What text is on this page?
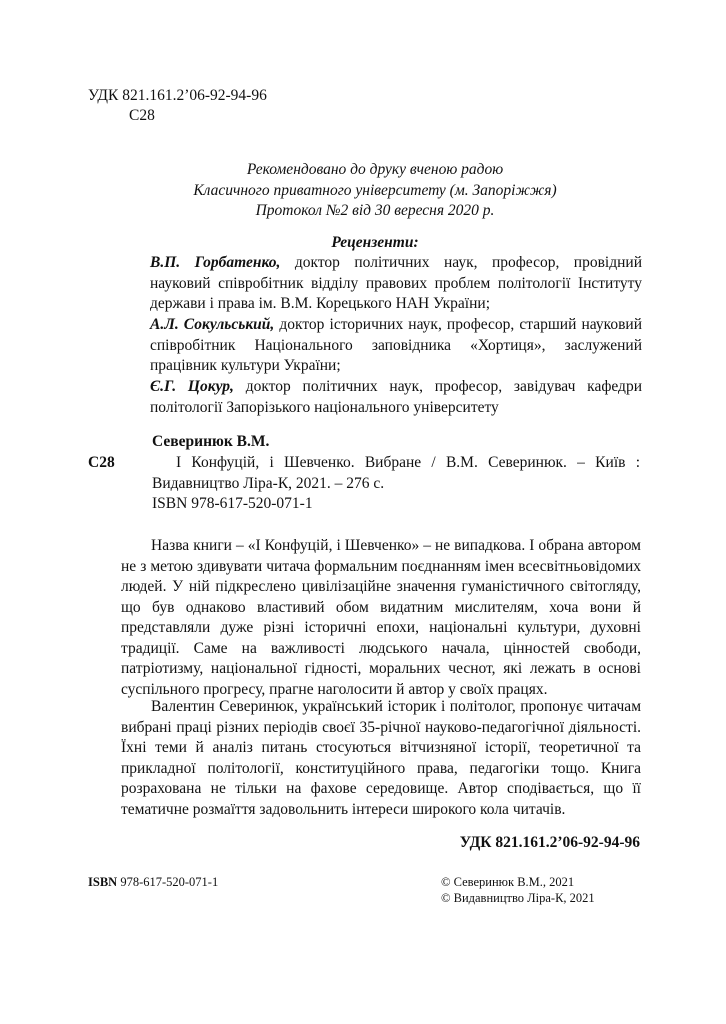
УДК 821.161.2’06-92-94-96
С28
Рекомендовано до друку вченою радою
Класичного приватного університету (м. Запоріжжя)
Протокол №2 від 30 вересня 2020 р.
Рецензенти:
В.П. Горбатенко, доктор політичних наук, професор, провідний науковий співробітник відділу правових проблем політології Інституту держави і права ім. В.М. Корецького НАН України;
А.Л. Сокульський, доктор історичних наук, професор, старший науковий співробітник Національного заповідника «Хортиця», заслужений працівник культури України;
Є.Г. Цокур, доктор політичних наук, професор, завідувач кафедри політології Запорізького національного університету
Северинюк В.М.
С28	І Конфуцій, і Шевченко. Вибране / В.М. Северинюк. – Київ : Видавництво Ліра-К, 2021. – 276 с.
ISBN 978-617-520-071-1
Назва книги – «І Конфуцій, і Шевченко» – не випадкова. І обрана автором не з метою здивувати читача формальним поєднанням імен всесвітньовідомих людей. У ній підкреслено цивілізаційне значення гуманістичного світогляду, що був однаково властивий обом видатним мислителям, хоча вони й представляли дуже різні історичні епохи, національні культури, духовні традиції. Саме на важливості людського начала, цінностей свободи, патріотизму, національної гідності, моральних чеснот, які лежать в основі суспільного прогресу, прагне наголосити й автор у своїх працях.
Валентин Северинюк, український історик і політолог, пропонує читачам вибрані праці різних періодів своєї 35-річної науково-педагогічної діяльності. Їхні теми й аналіз питань стосуються вітчизняної історії, теоретичної та прикладної політології, конституційного права, педагогіки тощо. Книга розрахована не тільки на фахове середовище. Автор сподівається, що її тематичне розмаїття задовольнить інтереси широкого кола читачів.
УДК 821.161.2’06-92-94-96
ISBN 978-617-520-071-1	© Северинюк В.М., 2021
© Видавництво Ліра-К, 2021
